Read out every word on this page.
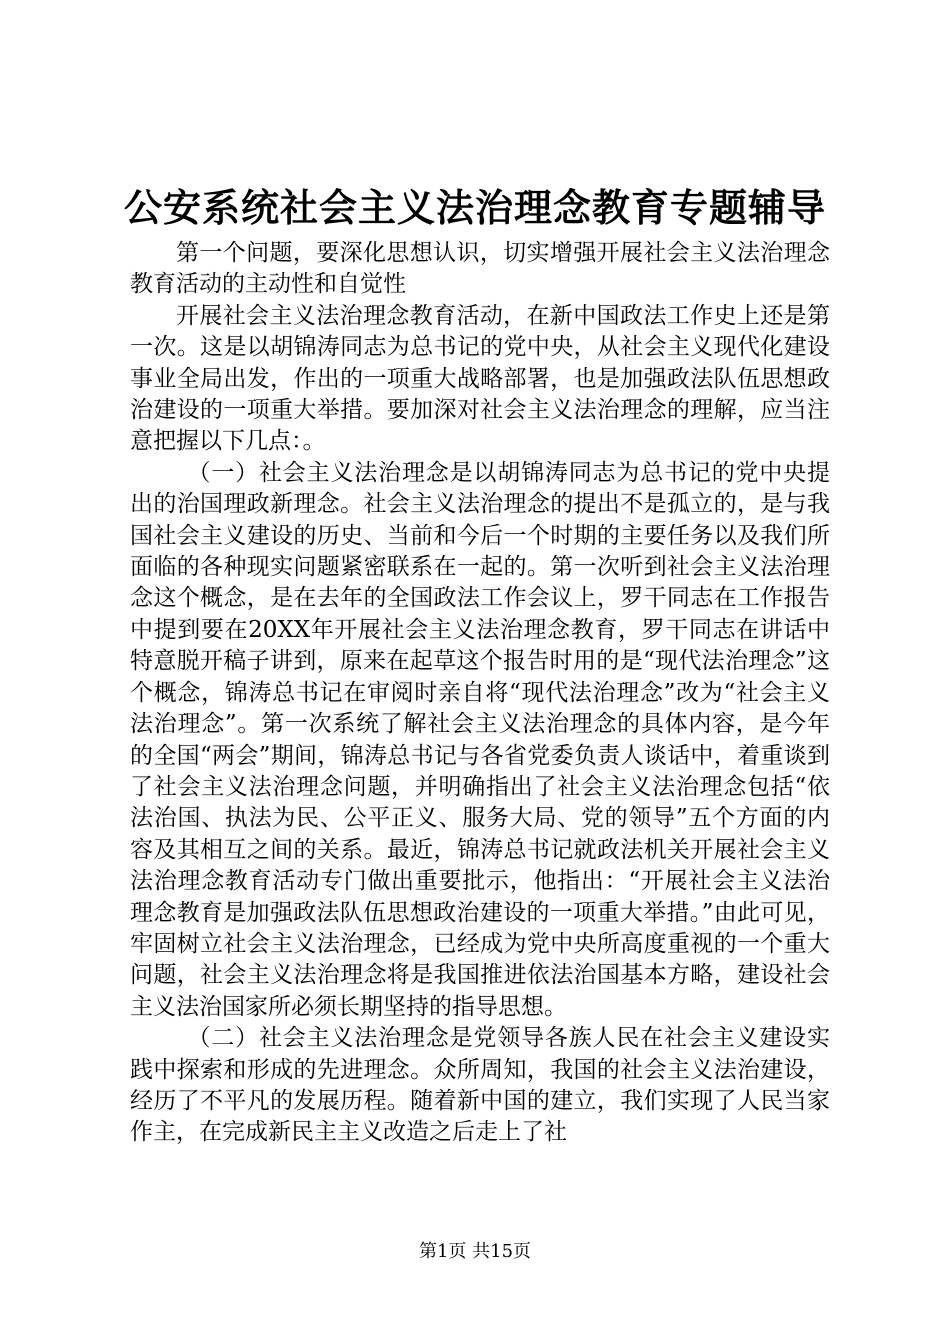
公安系统社会主义法治理念教育专题辅导

第一个问题，要深化思想认识，切实增强开展社会主义法治理念教育活动的主动性和自觉性

开展社会主义法治理念教育活动，在新中国政法工作史上还是第一次。这是以胡锦涛同志为总书记的党中央，从社会主义现代化建设事业全局出发，作出的一项重大战略部署，也是加强政法队伍思想政治建设的一项重大举措。要加深对社会主义法治理念的理解，应当注意把握以下几点：。

（一）社会主义法治理念是以胡锦涛同志为总书记的党中央提出的治国理政新理念。社会主义法治理念的提出不是孤立的，是与我国社会主义建设的历史、当前和今后一个时期的主要任务以及我们所面临的各种现实问题紧密联系在一起的。第一次听到社会主义法治理念这个概念，是在去年的全国政法工作会议上，罗干同志在工作报告中提到要在20XX年开展社会主义法治理念教育，罗干同志在讲话中特意脱开稿子讲到，原来在起草这个报告时用的是“现代法治理念”这个概念，锦涛总书记在审阅时亲自将“现代法治理念”改为“社会主义法治理念”。第一次系统了解社会主义法治理念的具体内容，是今年的全国“两会”期间，锦涛总书记与各省党委负责人谈话中，着重谈到了社会主义法治理念问题，并明确指出了社会主义法治理念包括“依法治国、执法为民、公平正义、服务大局、党的领导”五个方面的内容及其相互之间的关系。最近，锦涛总书记就政法机关开展社会主义法治理念教育活动专门做出重要批示，他指出：“开展社会主义法治理念教育是加强政法队伍思想政治建设的一项重大举措。”由此可见，牢固树立社会主义法治理念，已经成为党中央所高度重视的一个重大问题，社会主义法治理念将是我国推进依法治国基本方略，建设社会主义法治国家所必须长期坚持的指导思想。

（二）社会主义法治理念是党领导各族人民在社会主义建设实践中探索和形成的先进理念。众所周知，我国的社会主义法治建设，经历了不平凡的发展历程。随着新中国的建立，我们实现了人民当家作主，在完成新民主主义改造之后走上了社

第1页 共15页
